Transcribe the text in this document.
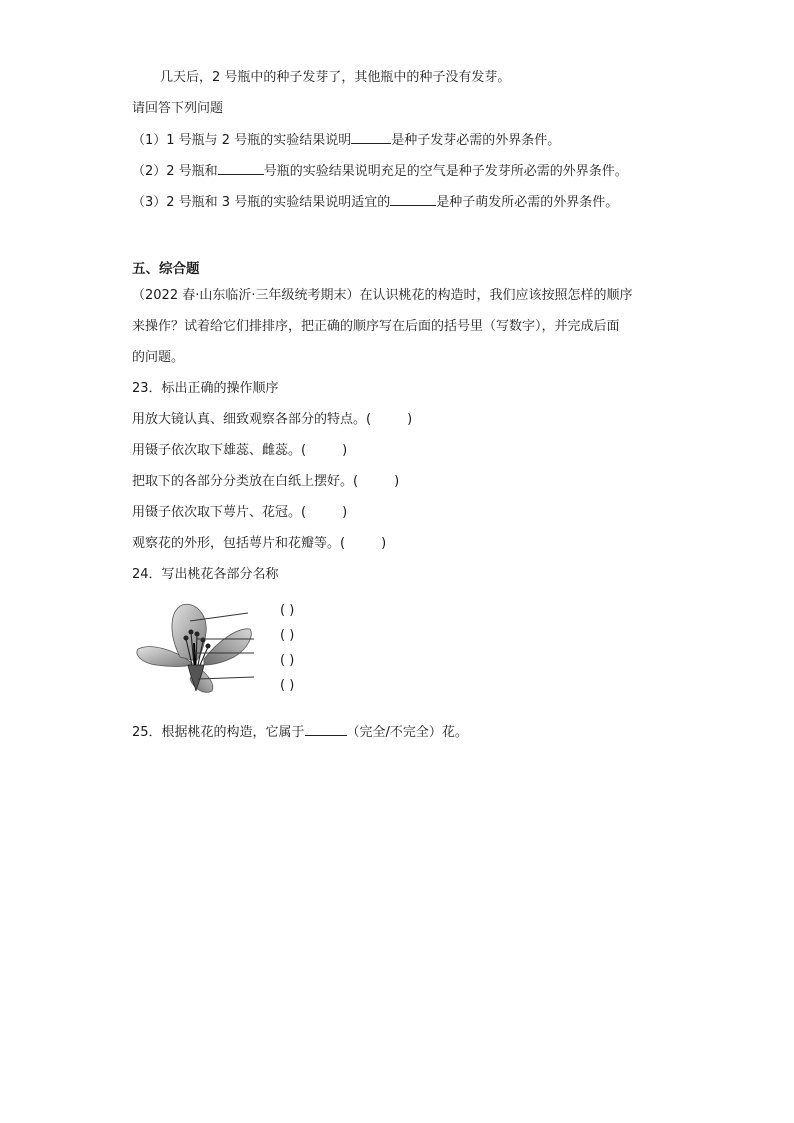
几天后，2 号瓶中的种子发芽了，其他瓶中的种子没有发芽。
请回答下列问题
（1）1 号瓶与 2 号瓶的实验结果说明	是种子发芽必需的外界条件。
（2）2 号瓶和	号瓶的实验结果说明充足的空气是种子发芽所必需的外界条件。
（3）2 号瓶和 3 号瓶的实验结果说明适宜的	是种子萌发所必需的外界条件。
五、综合题
（2022 春·山东临沂·三年级统考期末）在认识桃花的构造时，我们应该按照怎样的顺序
来操作？试着给它们排排序，把正确的顺序写在后面的括号里（写数字），并完成后面
的问题。
23．标出正确的操作顺序
用放大镜认真、细致观察各部分的特点。(	)
用镊子依次取下雄蕊、雌蕊。(	)
把取下的各部分分类放在白纸上摆好。(	)
用镊子依次取下萼片、花冠。(	)
观察花的外形，包括萼片和花瓣等。(	)
24．写出桃花各部分名称
( )
( )
( )
( )
25．根据桃花的构造，它属于	（完全/不完全）花。
